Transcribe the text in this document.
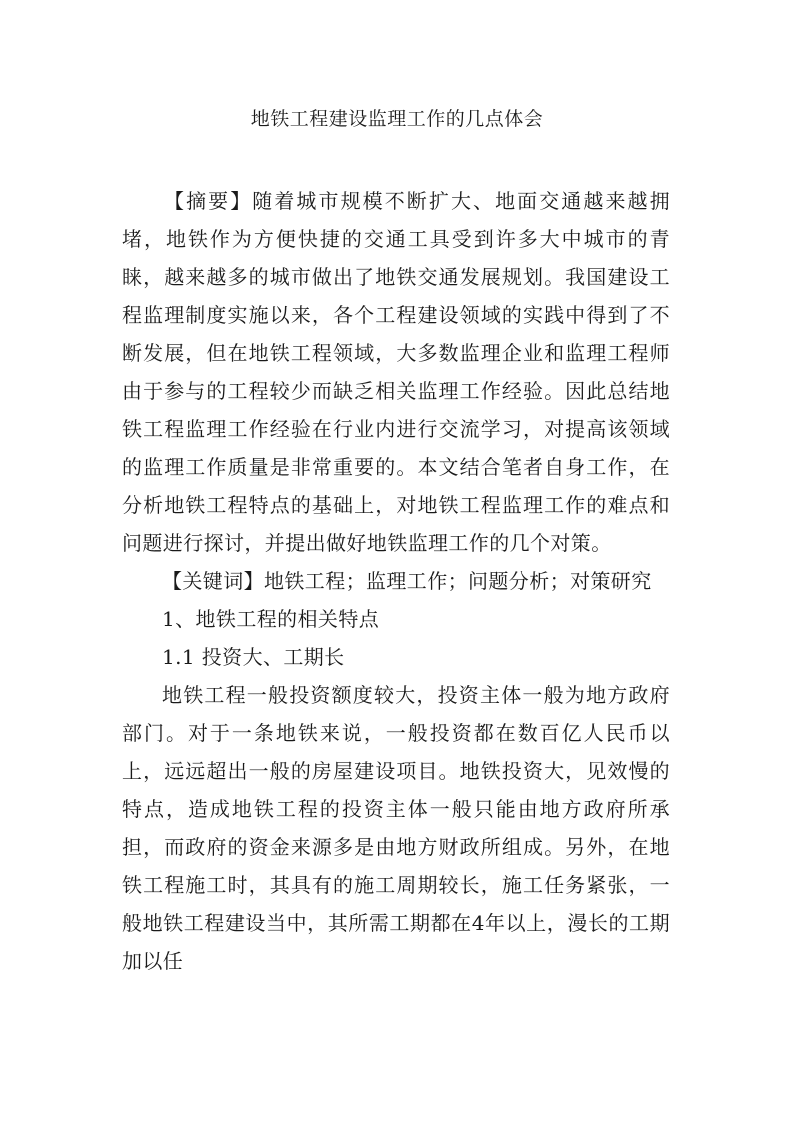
地铁工程建设监理工作的几点体会

【摘要】随着城市规模不断扩大、地面交通越来越拥堵，地铁作为方便快捷的交通工具受到许多大中城市的青睐，越来越多的城市做出了地铁交通发展规划。我国建设工程监理制度实施以来，各个工程建设领域的实践中得到了不断发展，但在地铁工程领域，大多数监理企业和监理工程师由于参与的工程较少而缺乏相关监理工作经验。因此总结地铁工程监理工作经验在行业内进行交流学习，对提高该领域的监理工作质量是非常重要的。本文结合笔者自身工作，在分析地铁工程特点的基础上，对地铁工程监理工作的难点和问题进行探讨，并提出做好地铁监理工作的几个对策。

【关键词】地铁工程；监理工作；问题分析；对策研究

1、地铁工程的相关特点

1.1 投资大、工期长

地铁工程一般投资额度较大，投资主体一般为地方政府部门。对于一条地铁来说，一般投资都在数百亿人民币以上，远远超出一般的房屋建设项目。地铁投资大，见效慢的特点，造成地铁工程的投资主体一般只能由地方政府所承担，而政府的资金来源多是由地方财政所组成。另外，在地铁工程施工时，其具有的施工周期较长，施工任务紧张，一般地铁工程建设当中，其所需工期都在4年以上，漫长的工期加以任
